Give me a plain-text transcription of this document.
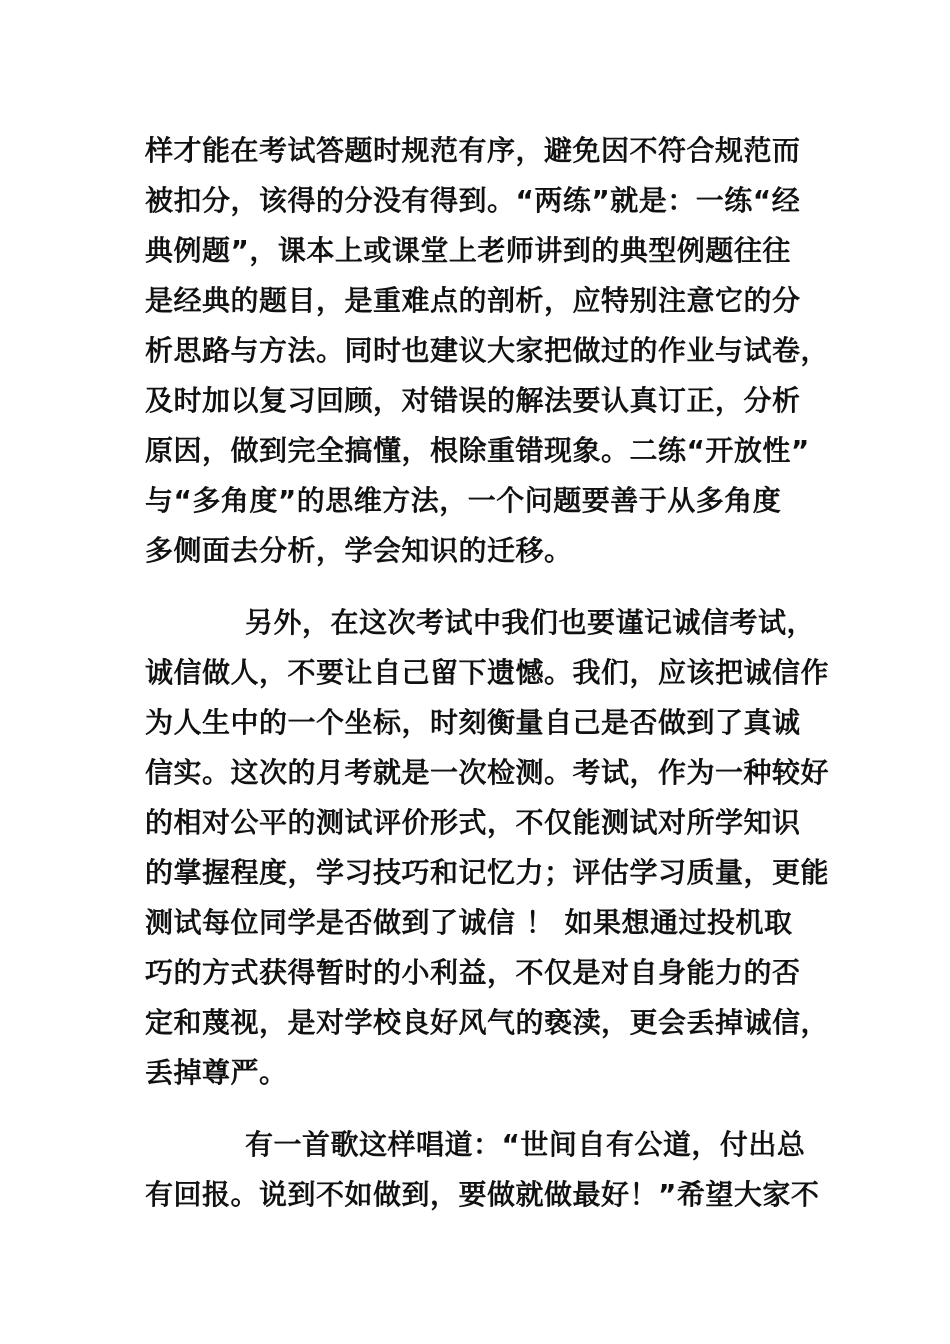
样才能在考试答题时规范有序，避免因不符合规范而
被扣分，该得的分没有得到。“两练”就是：一练“经
典例题”，课本上或课堂上老师讲到的典型例题往往
是经典的题目，是重难点的剖析，应特别注意它的分
析思路与方法。同时也建议大家把做过的作业与试卷，
及时加以复习回顾，对错误的解法要认真订正，分析
原因，做到完全搞懂，根除重错现象。二练“开放性”
与“多角度”的思维方法，一个问题要善于从多角度
多侧面去分析，学会知识的迁移。

另外，在这次考试中我们也要谨记诚信考试，
诚信做人，不要让自己留下遗憾。我们，应该把诚信作
为人生中的一个坐标，时刻衡量自己是否做到了真诚
信实。这次的月考就是一次检测。考试，作为一种较好
的相对公平的测试评价形式，不仅能测试对所学知识
的掌握程度，学习技巧和记忆力；评估学习质量，更能
测试每位同学是否做到了诚信 ！ 如果想通过投机取
巧的方式获得暂时的小利益，不仅是对自身能力的否
定和蔑视，是对学校良好风气的亵渎，更会丢掉诚信，
丢掉尊严。

有一首歌这样唱道：“世间自有公道，付出总
有回报。说到不如做到，要做就做最好！”希望大家不
